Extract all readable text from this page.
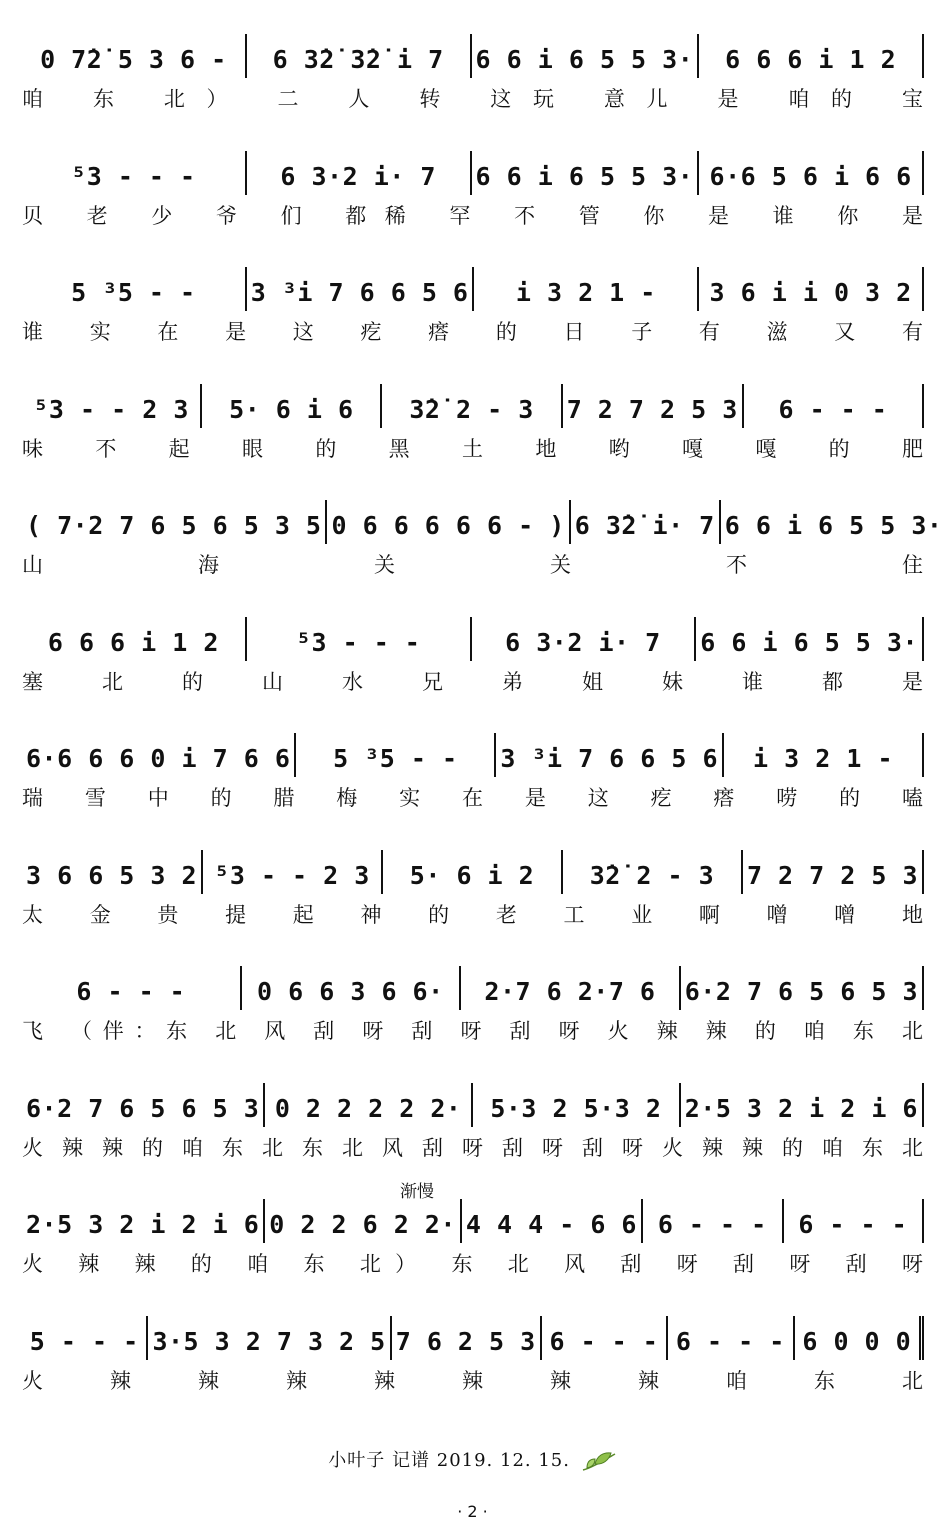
0 7̇2̇ 5 3 6 - 6 3̇2̇ 3̇2̇ i 7 6 6 i 6 5 5 3· 6 6 6 i 1 2
咱 东 北） 二 人 转 这玩 意儿 是 咱的 宝
⁵3 - - -	6 3·2 i· 7 6 6 i 6 5 5 3· 6·6 5 6 i 6 6
贝 老 少 爷 们 都稀 罕 不 管 你 是 谁 你 是
5 ³5 - - 3 ³i 7 6 6 5 6 i 3 2 1 - 3 6 i i 0 3 2
谁 实 在 是 这 疙 瘩 的 日 子 有 滋 又 有
⁵3 - - 2 3 5· 6 i 6 3̇2̇ 2 - 3 7 2 7 2 5 3 6 - - -
味 不 起 眼 的 黑 土 地 哟 嘎 嘎 的 肥
( 7·2 7 6 5 6 5 3 5 0 6 6 6 6 6 - ) 6 3̇2̇ i· 7 6 6 i 6 5 5 3·
山 海 关 关 不 住
6 6 6 i 1 2	⁵3 - - -	6 3·2 i· 7 6 6 i 6 5 5 3·
塞 北 的 山 水 兄 弟 姐 妹 谁 都 是
6·6 6 6 0 i 7 6 6 5 ³5 - - 3 ³i 7 6 6 5 6 i 3 2 1 -
瑞 雪 中 的 腊 梅 实 在 是 这 疙 瘩 唠 的 嗑
3 6 6 5 3 2 ⁵3 - - 2 3 5· 6 i 2 3̇2̇ 2 - 3 7 2 7 2 5 3
太 金 贵 提 起 神 的 老 工 业 啊 噌 噌 地
6 - - -	0 6 6 3 6 6· 2·7 6 2·7 6 6·2 7 6 5 6 5 3
飞 （伴：东 北 风 刮 呀 刮 呀 刮 呀 火 辣 辣 的 咱 东 北
6·2 7 6 5 6 5 3 0 2 2 2 2 2· 5·3 2 5·3 2 2·5 3 2 i 2 i 6
火 辣 辣 的 咱 东 北 东 北 风 刮 呀 刮 呀 刮 呀 火 辣 辣 的 咱 东 北
2·5 3 2 i 2 i 6 0 2 2 6 2 2· 4 4 4 - 6 6 6 - - - 6 - - -
火 辣 辣 的 咱 东 北） 东 北 风 刮 呀 刮 呀 刮 呀
5 - - - 3·5 3 2 7 3 2 5 7 6 2 5 3 6 - - - 6 - - - 6 0 0 0
火 辣 辣 辣 辣 辣 辣 辣 咱 东 北
渐慢
小叶子 记谱 2019. 12. 15.
· 2 ·
